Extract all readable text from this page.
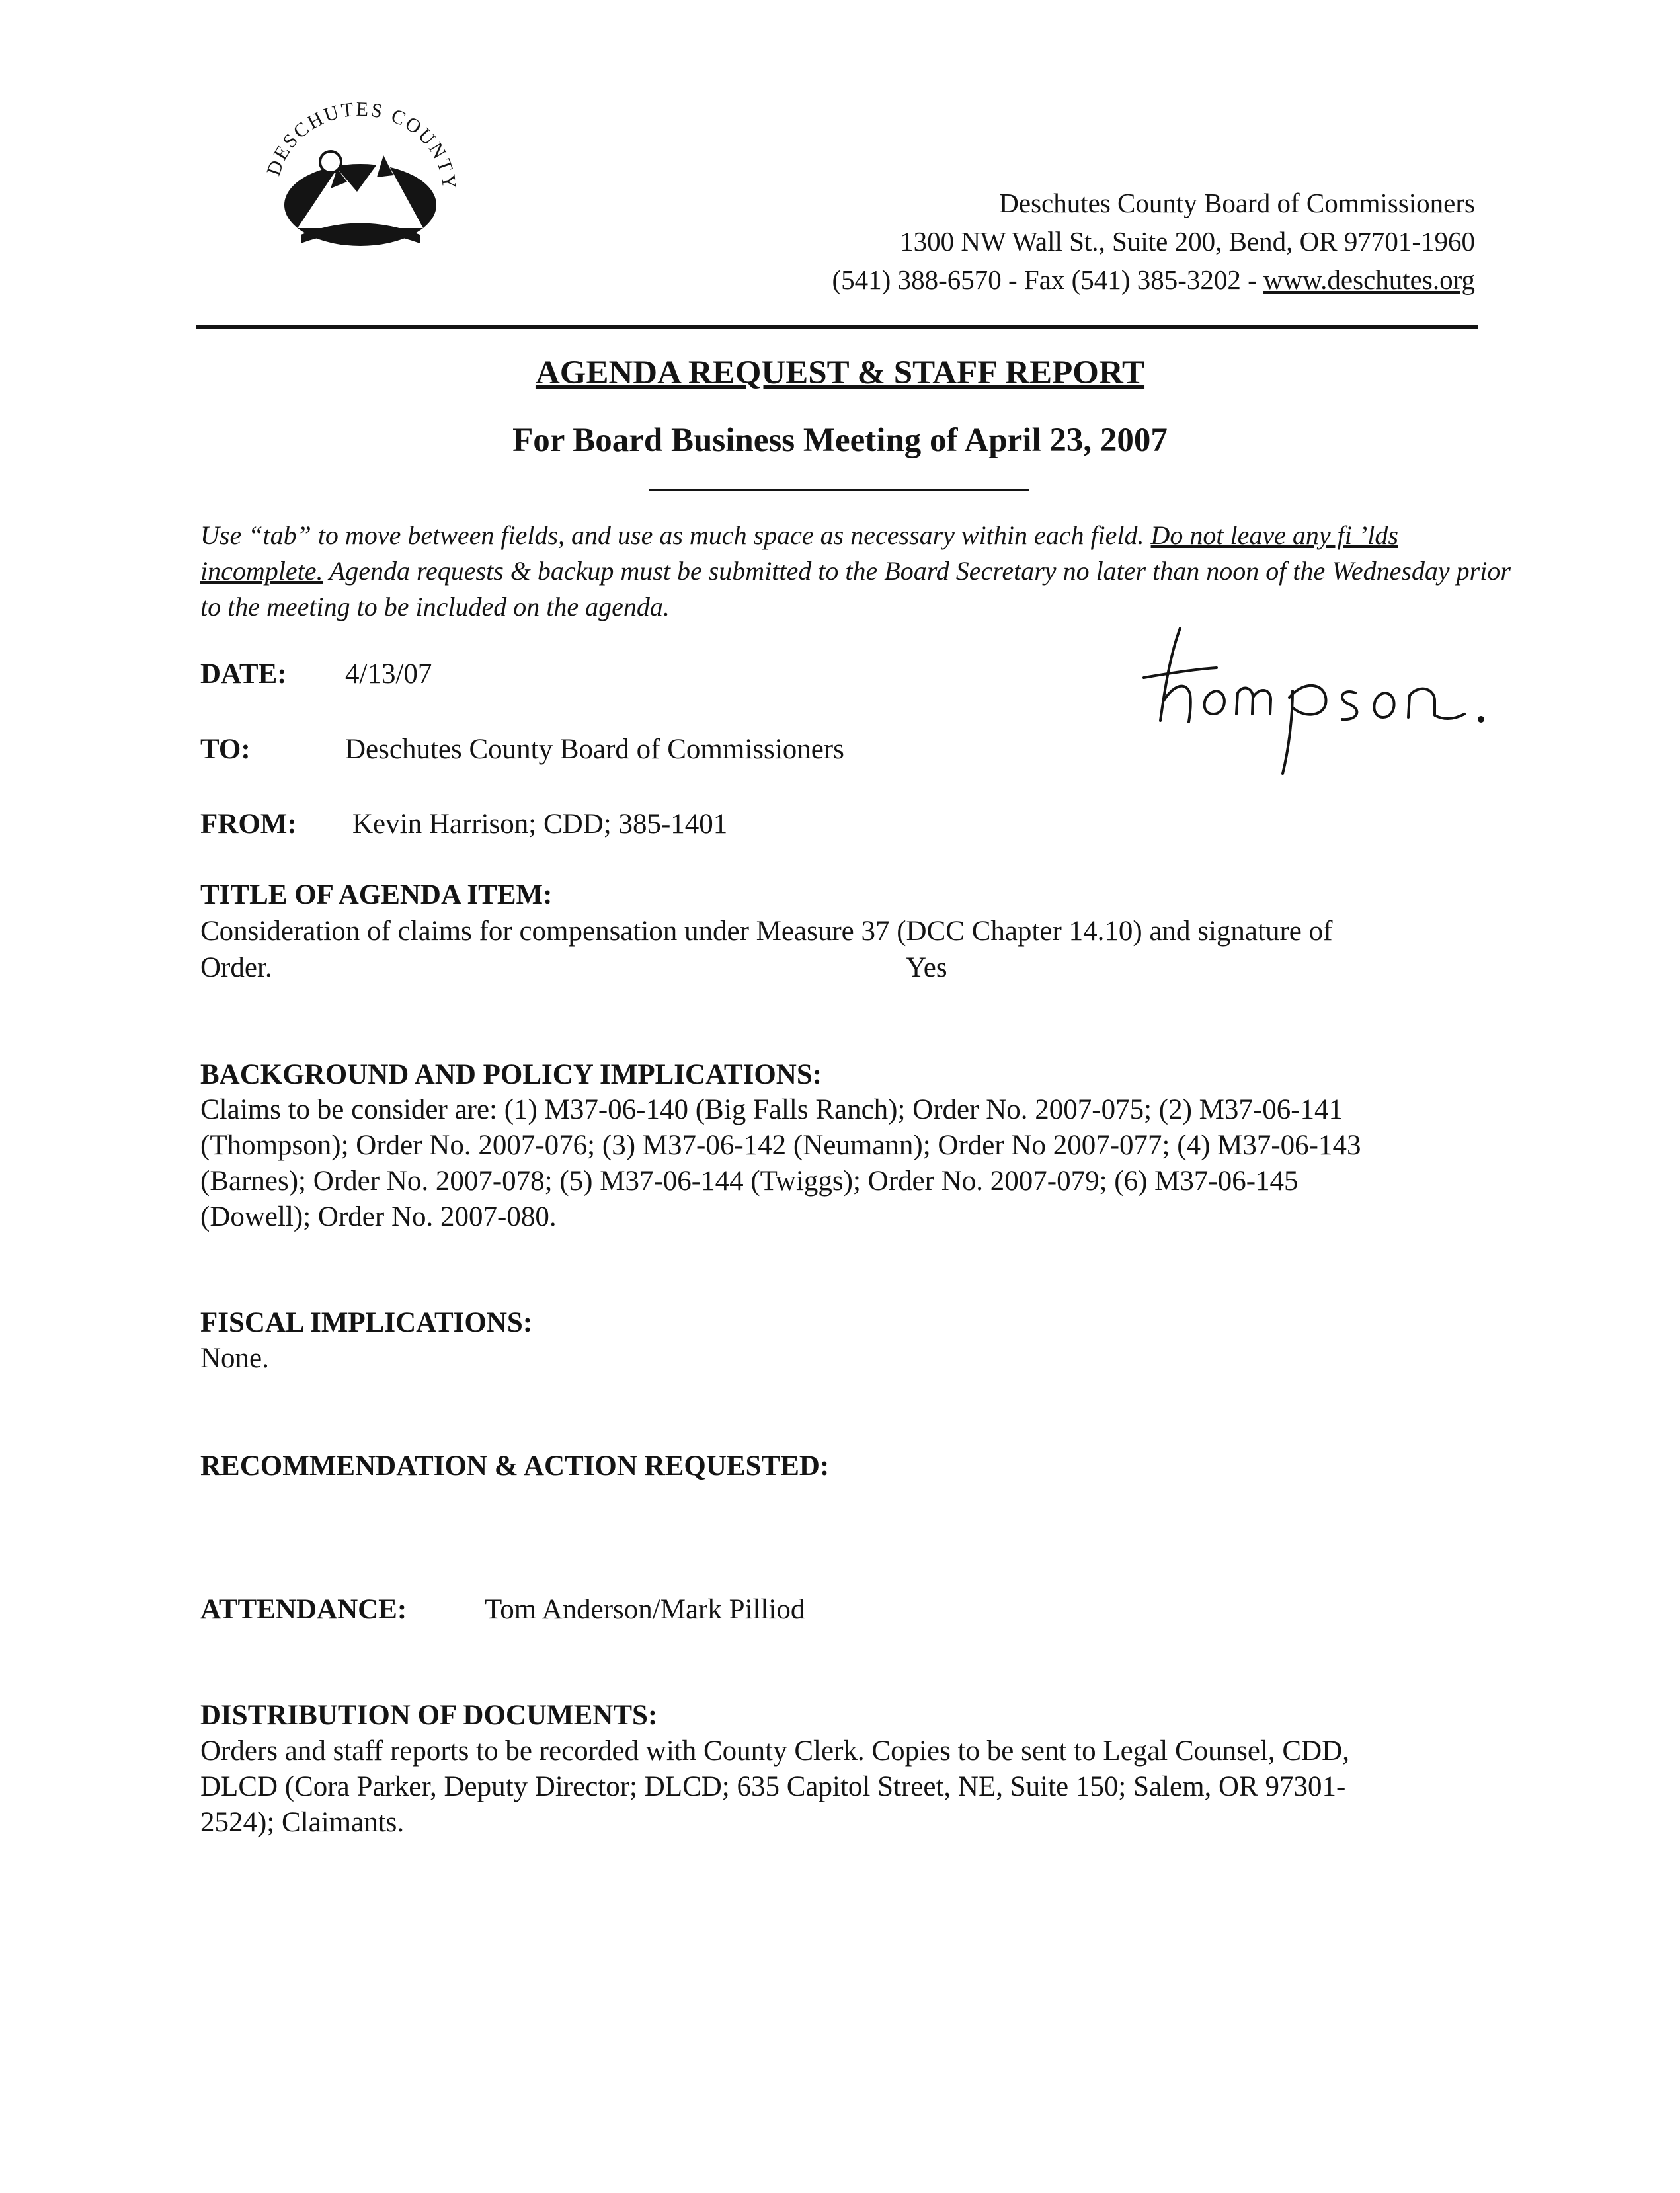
DESCHUTES COUNTY
Deschutes County Board of Commissioners
1300 NW Wall St., Suite 200, Bend, OR 97701-1960
(541) 388-6570 - Fax (541) 385-3202 - www.deschutes.org
AGENDA REQUEST & STAFF REPORT
For Board Business Meeting of April 23, 2007
Use “tab” to move between fields, and use as much space as necessary within each field. Do not leave any fi ’lds incomplete. Agenda requests & backup must be submitted to the Board Secretary no later than noon of the Wednesday prior to the meeting to be included on the agenda.
DATE: 4/13/07
TO:	Deschutes County Board of Commissioners
FROM: Kevin Harrison; CDD; 385-1401
TITLE OF AGENDA ITEM:
Consideration of claims for compensation under Measure 37 (DCC Chapter 14.10) and signature of
Order.	Yes
BACKGROUND AND POLICY IMPLICATIONS:
Claims to be consider are: (1) M37-06-140 (Big Falls Ranch); Order No. 2007-075; (2) M37-06-141
(Thompson); Order No. 2007-076; (3) M37-06-142 (Neumann); Order No 2007-077; (4) M37-06-143
(Barnes); Order No. 2007-078; (5) M37-06-144 (Twiggs); Order No. 2007-079; (6) M37-06-145
(Dowell); Order No. 2007-080.
FISCAL IMPLICATIONS:
None.
RECOMMENDATION & ACTION REQUESTED:
ATTENDANCE:	Tom Anderson/Mark Pilliod
DISTRIBUTION OF DOCUMENTS:
Orders and staff reports to be recorded with County Clerk. Copies to be sent to Legal Counsel, CDD,
DLCD (Cora Parker, Deputy Director; DLCD; 635 Capitol Street, NE, Suite 150; Salem, OR 97301-
2524); Claimants.
